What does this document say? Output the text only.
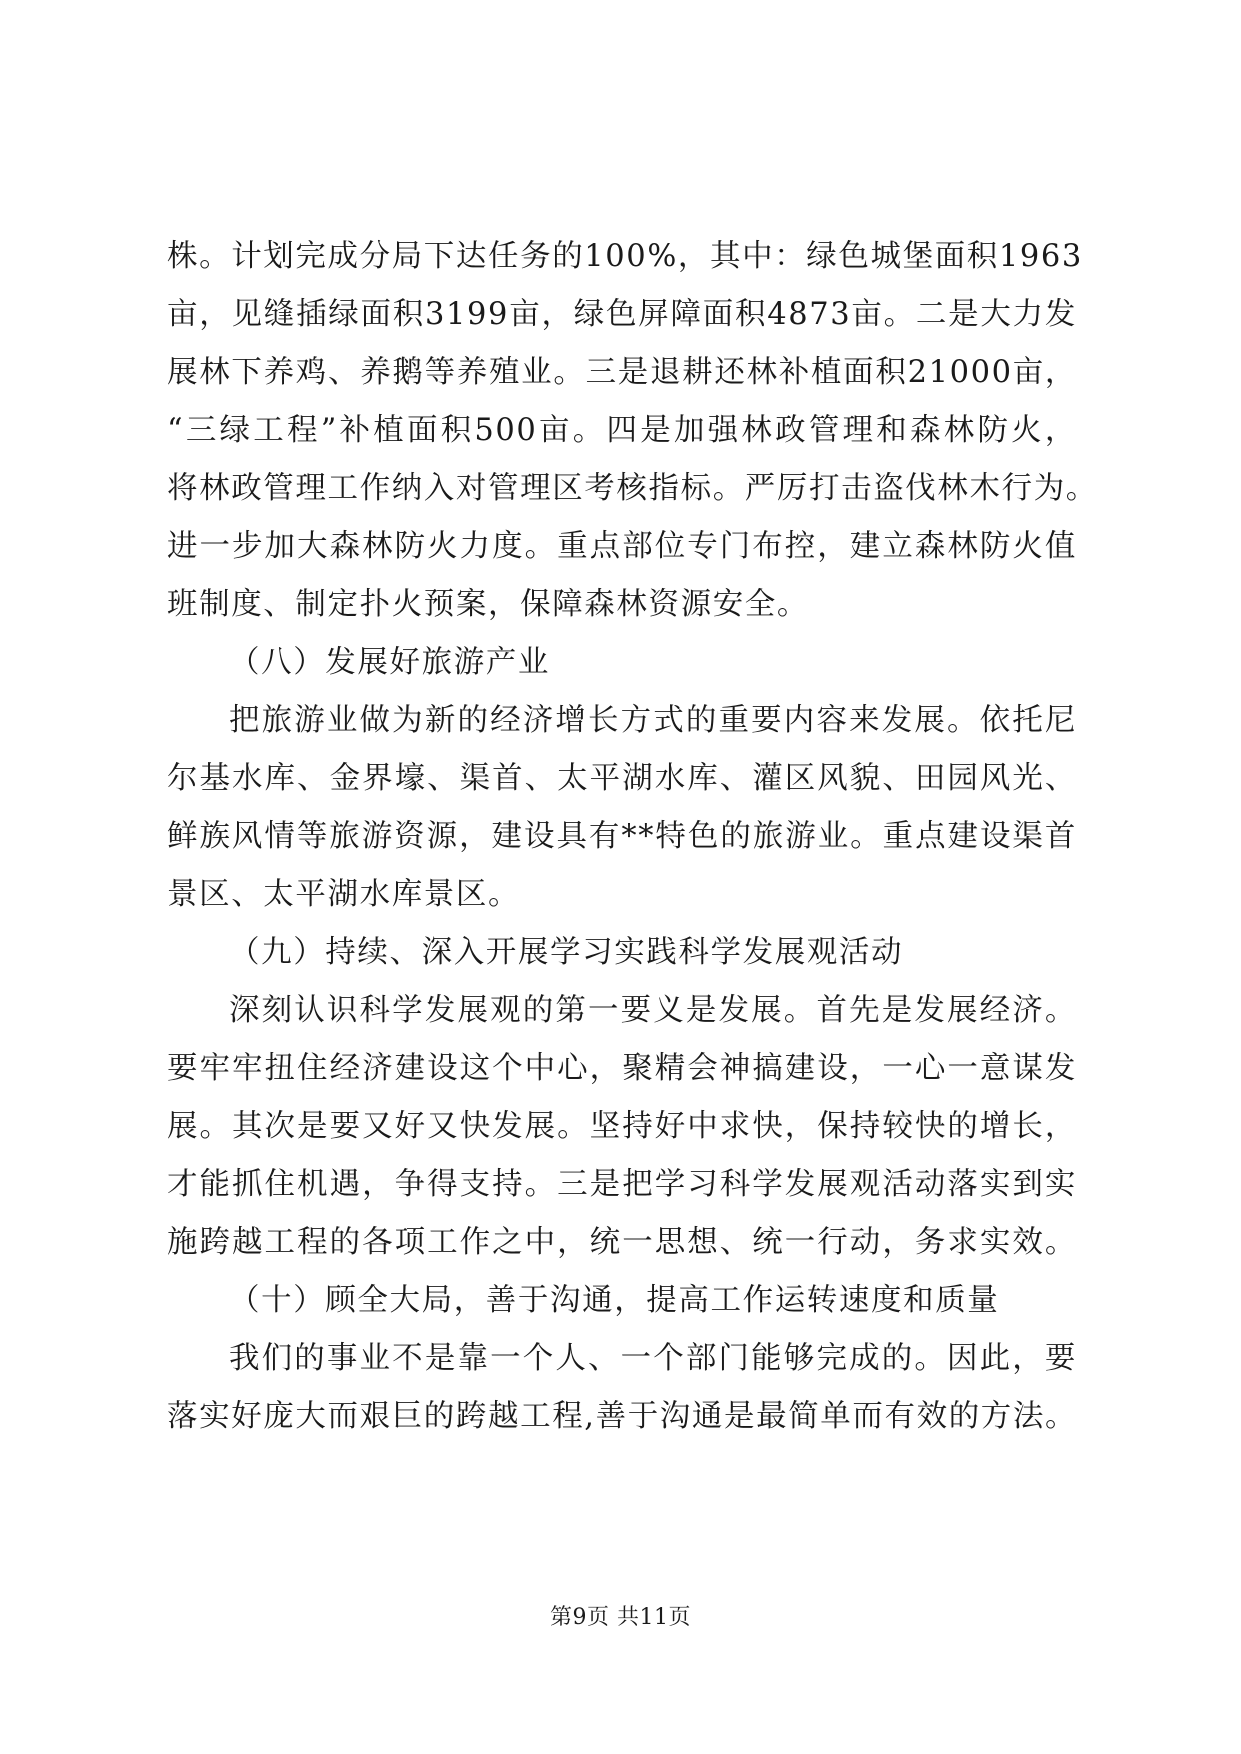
株。计划完成分局下达任务的100%，其中：绿色城堡面积1963
亩，见缝插绿面积3199亩，绿色屏障面积4873亩。二是大力发
展林下养鸡、养鹅等养殖业。三是退耕还林补植面积21000亩，
“三绿工程”补植面积500亩。四是加强林政管理和森林防火，
将林政管理工作纳入对管理区考核指标。严厉打击盗伐林木行为。
进一步加大森林防火力度。重点部位专门布控，建立森林防火值
班制度、制定扑火预案，保障森林资源安全。
（八）发展好旅游产业
把旅游业做为新的经济增长方式的重要内容来发展。依托尼
尔基水库、金界壕、渠首、太平湖水库、灌区风貌、田园风光、
鲜族风情等旅游资源，建设具有**特色的旅游业。重点建设渠首
景区、太平湖水库景区。
（九）持续、深入开展学习实践科学发展观活动
深刻认识科学发展观的第一要义是发展。首先是发展经济。
要牢牢扭住经济建设这个中心，聚精会神搞建设，一心一意谋发
展。其次是要又好又快发展。坚持好中求快，保持较快的增长，
才能抓住机遇，争得支持。三是把学习科学发展观活动落实到实
施跨越工程的各项工作之中，统一思想、统一行动，务求实效。
（十）顾全大局，善于沟通，提高工作运转速度和质量
我们的事业不是靠一个人、一个部门能够完成的。因此，要
落实好庞大而艰巨的跨越工程,善于沟通是最简单而有效的方法。
第9页 共11页
